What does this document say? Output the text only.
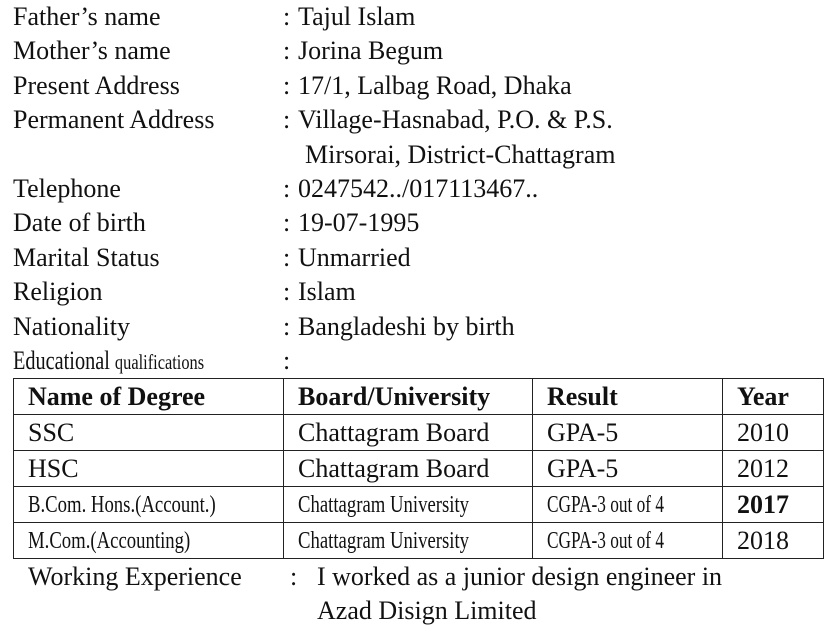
Father’s name	: Tajul Islam
Mother’s name	: Jorina Begum
Present Address	: 17/1, Lalbag Road, Dhaka
Permanent Address	: Village-Hasnabad, P.O. & P.S.
Mirsorai, District-Chattagram
Telephone	: 0247542../017113467..
Date of birth	: 19-07-1995
Marital Status	: Unmarried
Religion	: Islam
Nationality	: Bangladeshi by birth
Educational qualifications	:
Name of Degree	Board/University	Result	Year
SSC	Chattagram Board	GPA-5	2010
HSC	Chattagram Board	GPA-5	2012
B.Com. Hons.(Account.)	Chattagram University	CGPA-3 out of 4	2017
M.Com.(Accounting)	Chattagram University	CGPA-3 out of 4	2018
Working Experience : I worked as a junior design engineer in
Azad Disign Limited
